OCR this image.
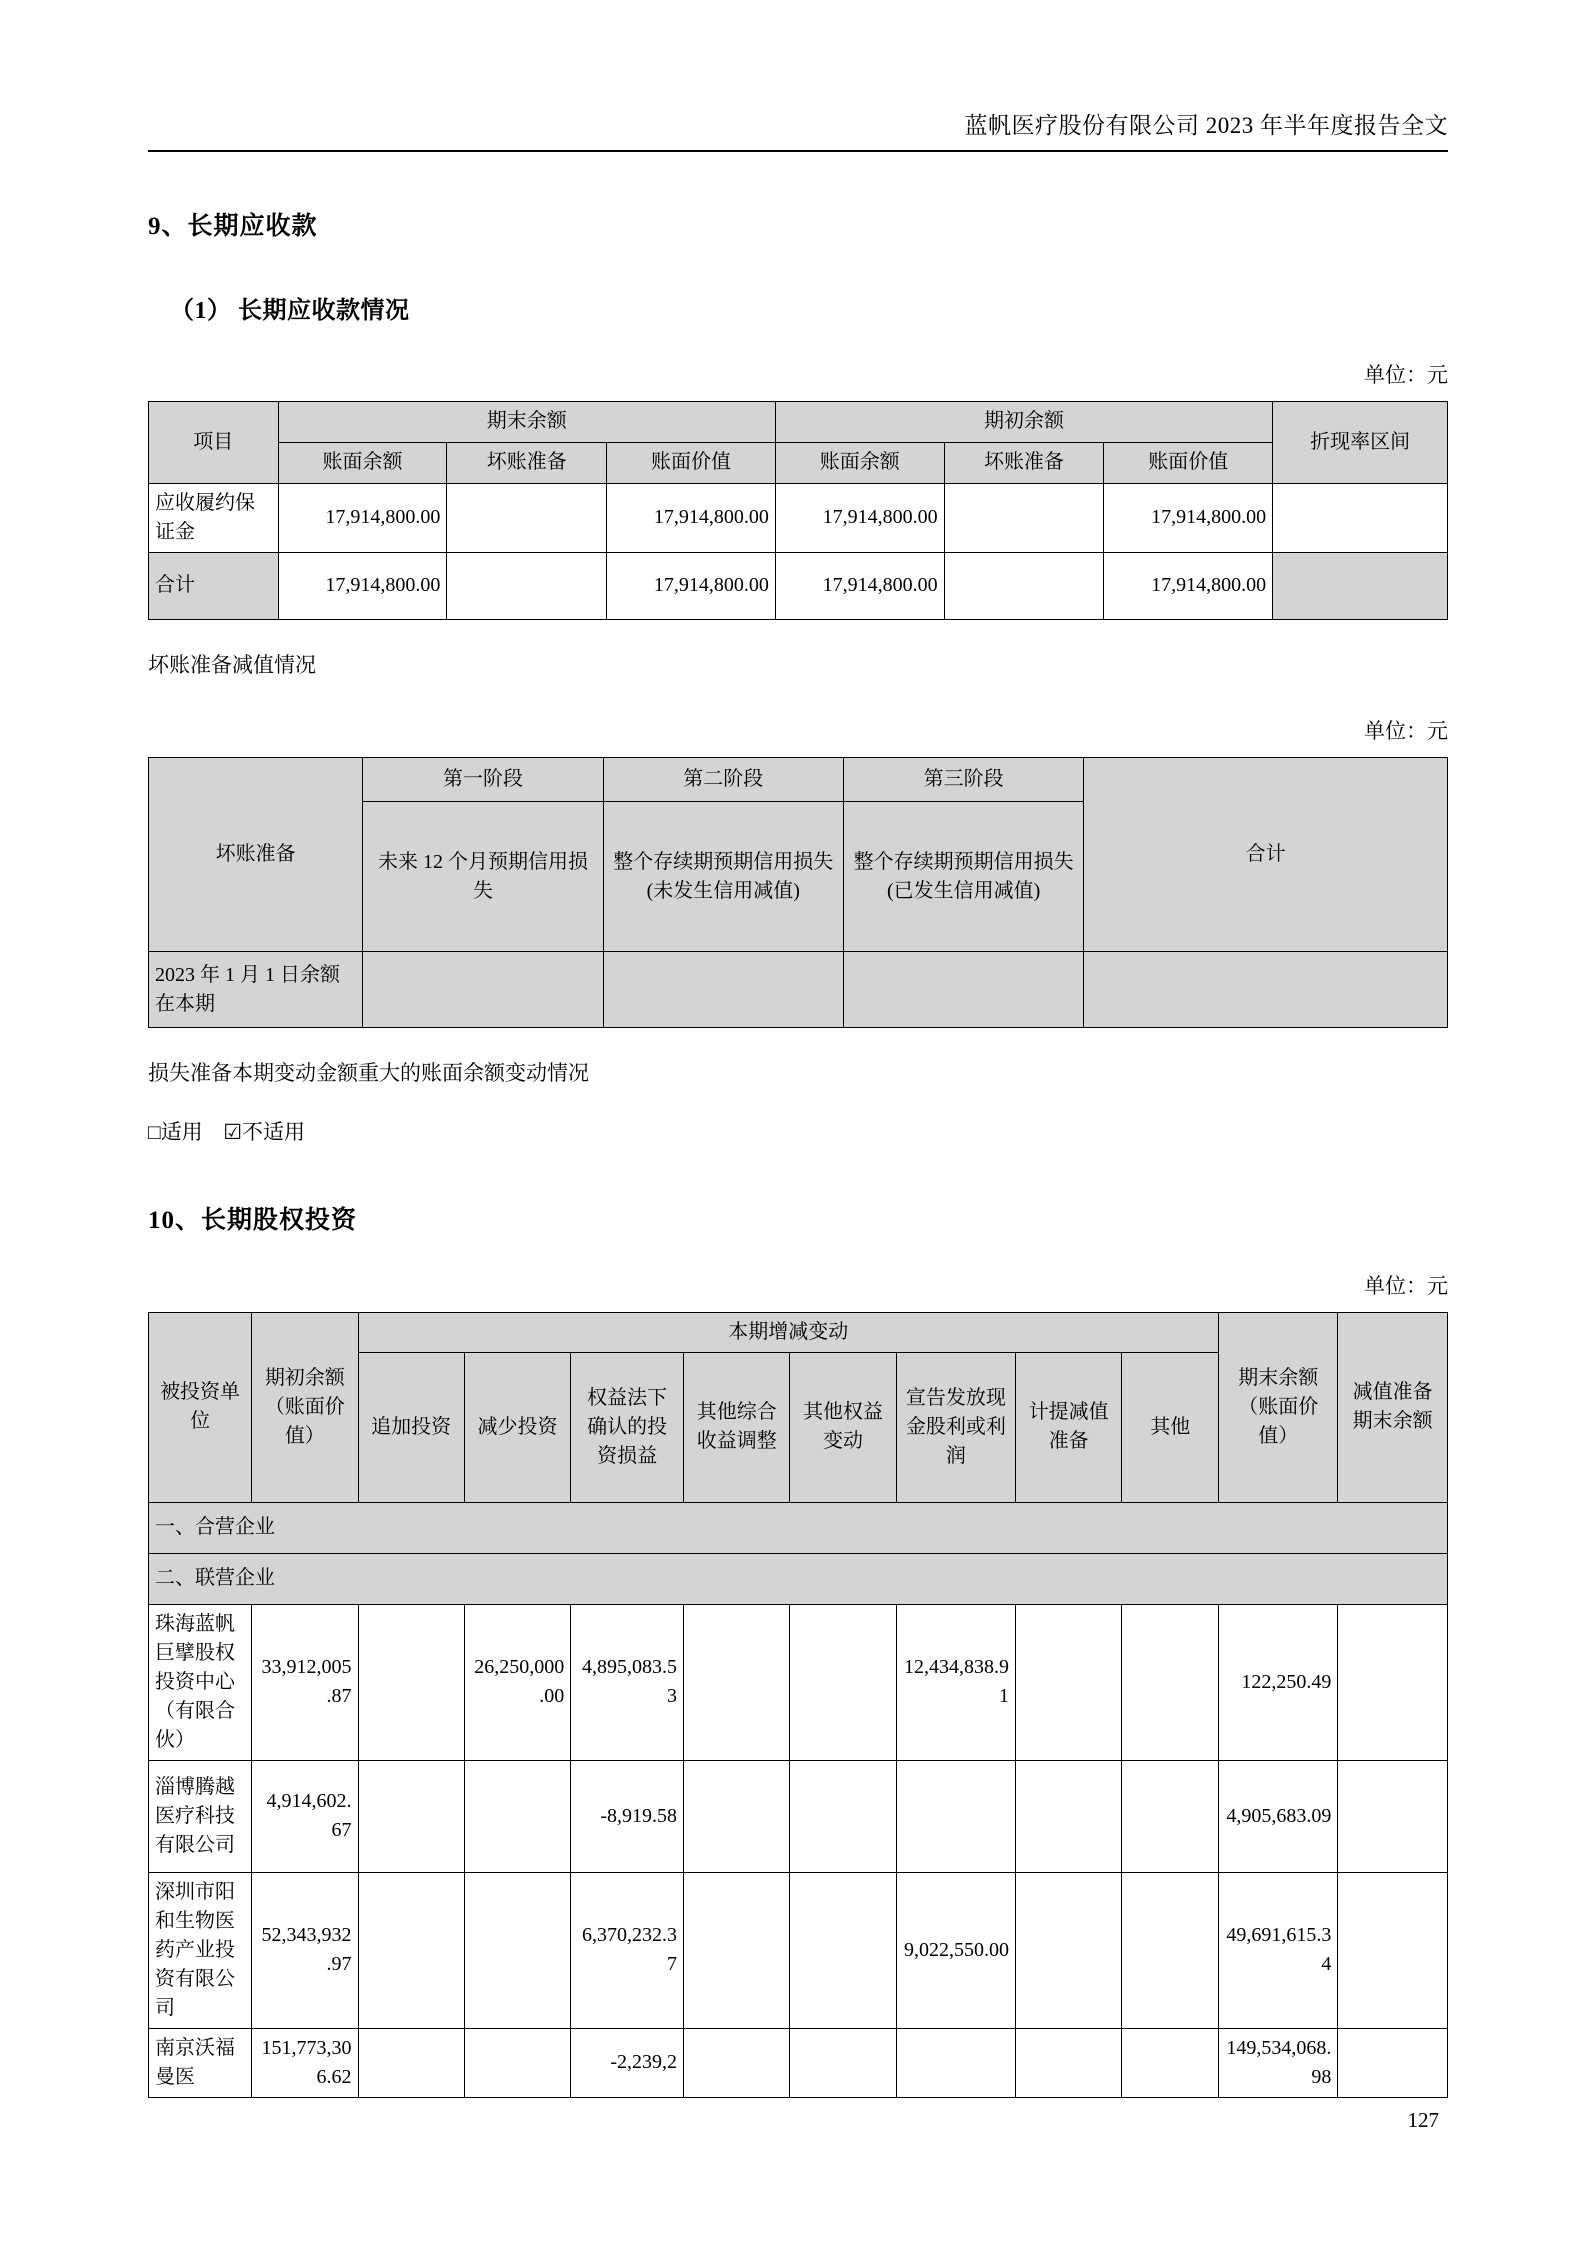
蓝帆医疗股份有限公司 2023 年半年度报告全文
9、长期应收款
（1） 长期应收款情况
单位：元
项目	期末余额			期初余额			折现率区间
	账面余额	坏账准备	账面价值	账面余额	坏账准备	账面价值	
应收履约保证金	17,914,800.00		17,914,800.00	17,914,800.00		17,914,800.00	
合计	17,914,800.00		17,914,800.00	17,914,800.00		17,914,800.00	
坏账准备减值情况
单位：元
坏账准备	第一阶段	第二阶段	第三阶段	合计
	未来 12 个月预期信用损失	整个存续期预期信用损失(未发生信用减值)	整个存续期预期信用损失(已发生信用减值)	
2023 年 1 月 1 日余额在本期				
损失准备本期变动金额重大的账面余额变动情况
□适用 ☑不适用
10、长期股权投资
单位：元
被投资单位	期初余额（账面价值）	本期增减变动								期末余额（账面价值）	减值准备期末余额
		追加投资	减少投资	权益法下确认的投资损益	其他综合收益调整	其他权益变动	宣告发放现金股利或利润	计提减值准备	其他		
一、合营企业											
二、联营企业											
珠海蓝帆巨擘股权投资中心（有限合伙）	33,912,005.87		26,250,000.00	4,895,083.53			12,434,838.91			122,250.49	
淄博腾越医疗科技有限公司	4,914,602.67			-8,919.58						4,905,683.09	
深圳市阳和生物医药产业投资有限公司	52,343,932.97			6,370,232.37			9,022,550.00			49,691,615.34	
南京沃福曼医	151,773,306.62			-2,239,2						149,534,068.98	
127
